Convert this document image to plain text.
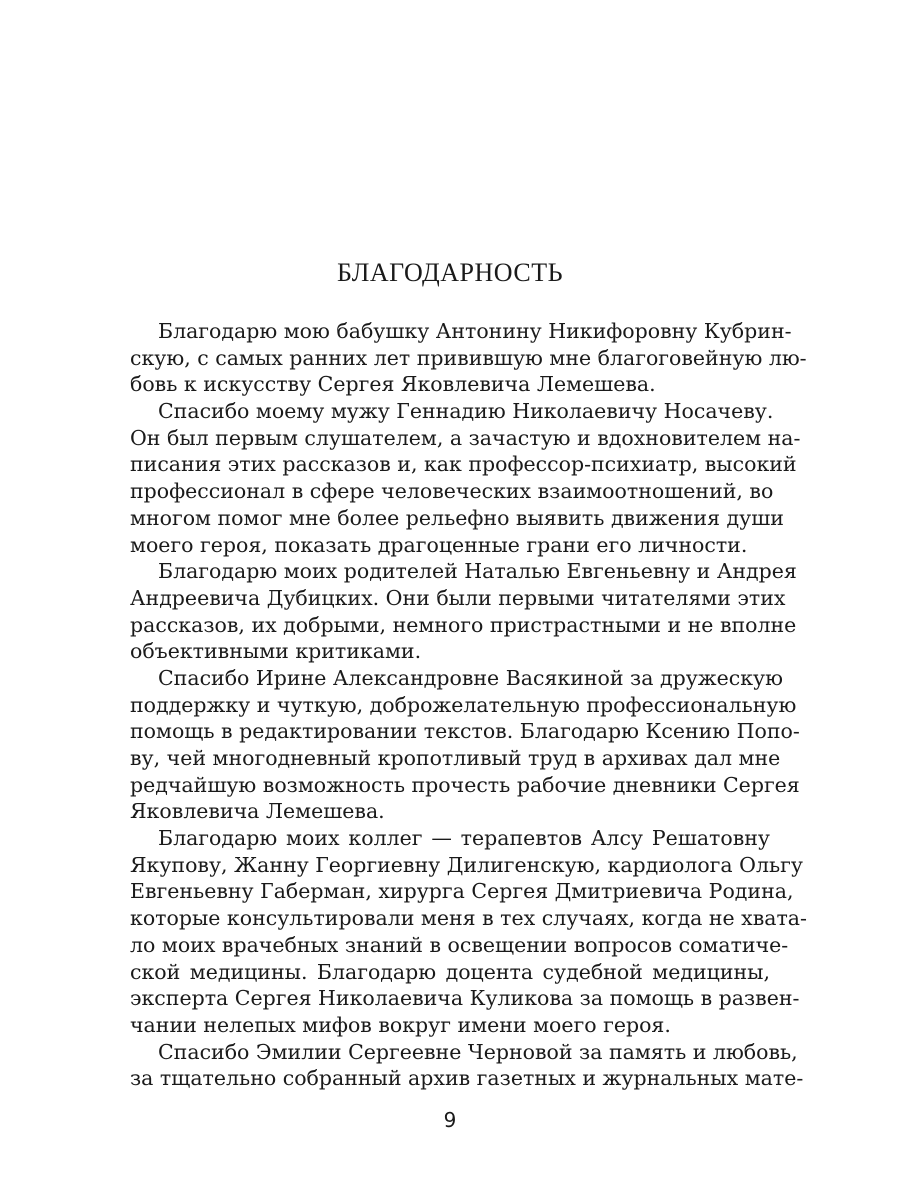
БЛАГОДАРНОСТЬ
Благодарю мою бабушку Антонину Никифоровну Кубрин-
скую, с самых ранних лет привившую мне благоговейную лю-
бовь к искусству Сергея Яковлевича Лемешева.
Спасибо моему мужу Геннадию Николаевичу Носачеву.
Он был первым слушателем, а зачастую и вдохновителем на-
писания этих рассказов и, как профессор-психиатр, высокий
профессионал в сфере человеческих взаимоотношений, во
многом помог мне более рельефно выявить движения души
моего героя, показать драгоценные грани его личности.
Благодарю моих родителей Наталью Евгеньевну и Андрея
Андреевича Дубицких. Они были первыми читателями этих
рассказов, их добрыми, немного пристрастными и не вполне
объективными критиками.
Спасибо Ирине Александровне Васякиной за дружескую
поддержку и чуткую, доброжелательную профессиональную
помощь в редактировании текстов. Благодарю Ксению Попо-
ву, чей многодневный кропотливый труд в архивах дал мне
редчайшую возможность прочесть рабочие дневники Сергея
Яковлевича Лемешева.
Благодарю моих коллег — терапевтов Алсу Решатовну
Якупову, Жанну Георгиевну Дилигенскую, кардиолога Ольгу
Евгеньевну Габерман, хирурга Сергея Дмитриевича Родина,
которые консультировали меня в тех случаях, когда не хвата-
ло моих врачебных знаний в освещении вопросов соматиче-
ской медицины. Благодарю доцента судебной медицины,
эксперта Сергея Николаевича Куликова за помощь в развен-
чании нелепых мифов вокруг имени моего героя.
Спасибо Эмилии Сергеевне Черновой за память и любовь,
за тщательно собранный архив газетных и журнальных мате-
9
